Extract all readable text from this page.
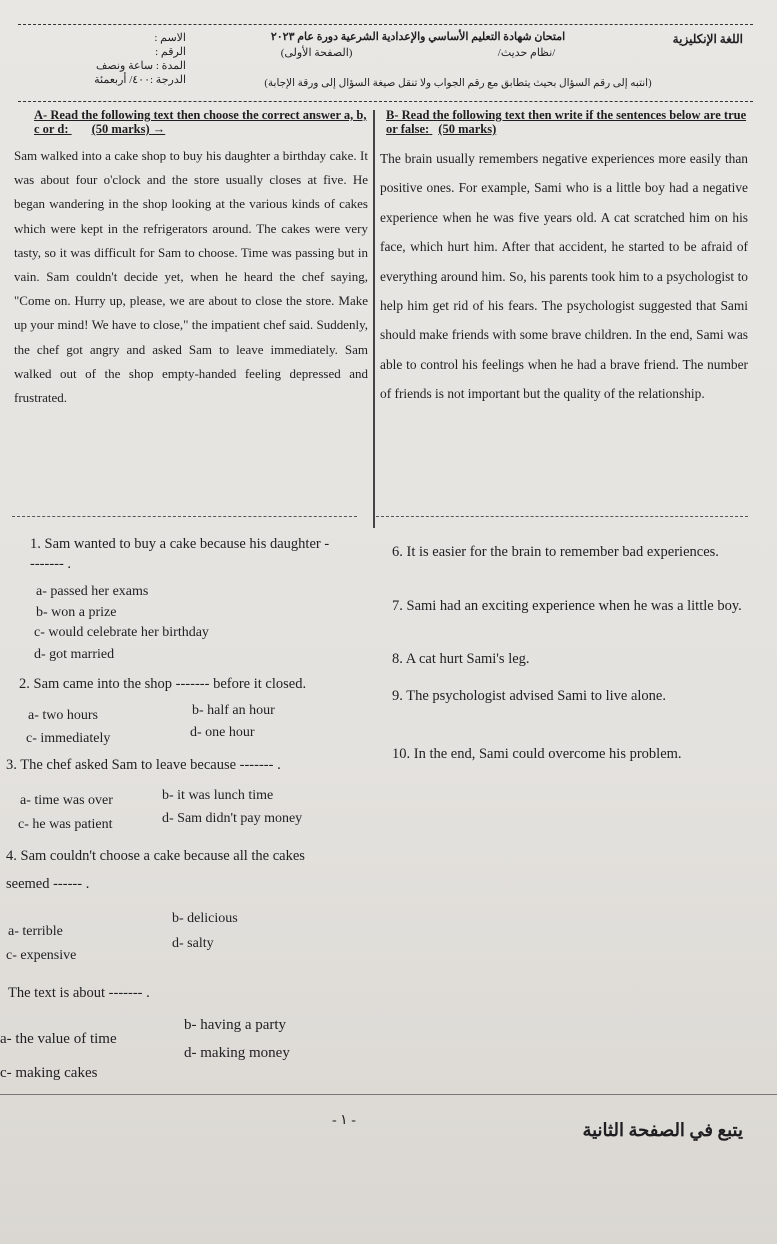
اللغة الإنكليزية
امتحان شهادة التعليم الأساسي والإعدادية الشرعية دورة عام ٢٠٢٣
/نظام حديث/
(الصفحة الأولى)
الاسم :
الرقم :
المدة : ساعة ونصف
الدرجة :٤٠٠/ أربعمئة	(انتبه إلى رقم السؤال بحيث يتطابق مع رقم الجواب ولا تنقل صيغة السؤال إلى ورقة الإجابة)
A- Read the following text then choose the correct answer a, b, c or d: (50 marks) →
Sam walked into a cake shop to buy his daughter a birthday cake. It was about four o'clock and the store usually closes at five. He began wandering in the shop looking at the various kinds of cakes which were kept in the refrigerators around. The cakes were very tasty, so it was difficult for Sam to choose. Time was passing but in vain. Sam couldn't decide yet, when he heard the chef saying, "Come on. Hurry up, please, we are about to close the store. Make up your mind! We have to close," the impatient chef said. Suddenly, the chef got angry and asked Sam to leave immediately. Sam walked out of the shop empty-handed feeling depressed and frustrated.
B- Read the following text then write if the sentences below are true or false: (50 marks)
The brain usually remembers negative experiences more easily than positive ones. For example, Sami who is a little boy had a negative experience when he was five years old. A cat scratched him on his face, which hurt him. After that accident, he started to be afraid of everything around him. So, his parents took him to a psychologist to help him get rid of his fears. The psychologist suggested that Sami should make friends with some brave children. In the end, Sami was able to control his feelings when he had a brave friend. The number of friends is not important but the quality of the relationship.
1. Sam wanted to buy a cake because his daughter -------- .
a- passed her exams
b- won a prize
c- would celebrate her birthday
d- got married
2. Sam came into the shop ------- before it closed.
a- two hours	b- half an hour
c- immediately	d- one hour
3. The chef asked Sam to leave because ------- .
a- time was over	b- it was lunch time
c- he was patient	d- Sam didn't pay money
4. Sam couldn't choose a cake because all the cakes seemed ------ .
a- terrible
b- delicious
c- expensive
d- salty
The text is about ------- .
a- the value of time
b- having a party
c- making cakes
d- making money
6. It is easier for the brain to remember bad experiences.
7. Sami had an exciting experience when he was a little boy.
8. A cat hurt Sami's leg.
9. The psychologist advised Sami to live alone.
10. In the end, Sami could overcome his problem.
- ١ -	يتبع في الصفحة الثانية
